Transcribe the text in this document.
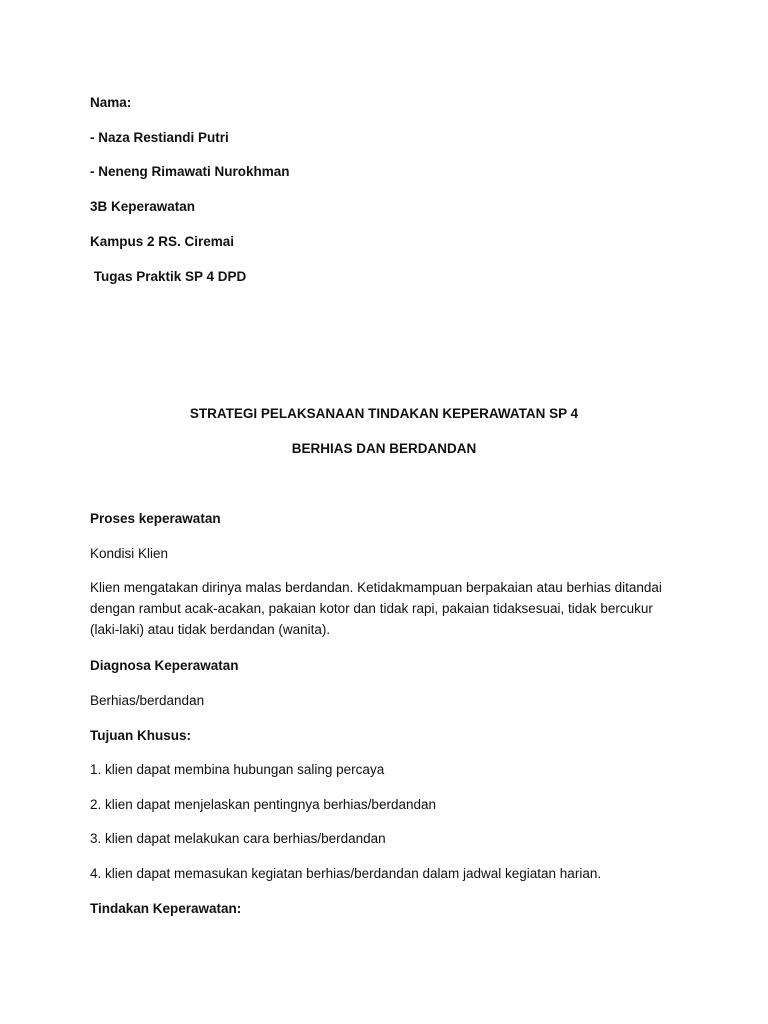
Nama:
- Naza Restiandi Putri
- Neneng Rimawati Nurokhman
3B Keperawatan
Kampus 2 RS. Ciremai
Tugas Praktik SP 4 DPD
STRATEGI PELAKSANAAN TINDAKAN KEPERAWATAN SP 4
BERHIAS DAN BERDANDAN
Proses keperawatan
Kondisi Klien
Klien mengatakan dirinya malas berdandan. Ketidakmampuan berpakaian atau berhias ditandai
dengan rambut acak-acakan, pakaian kotor dan tidak rapi, pakaian tidaksesuai, tidak bercukur
(laki-laki) atau tidak berdandan (wanita).
Diagnosa Keperawatan
Berhias/berdandan
Tujuan Khusus:
1. klien dapat membina hubungan saling percaya
2. klien dapat menjelaskan pentingnya berhias/berdandan
3. klien dapat melakukan cara berhias/berdandan
4. klien dapat memasukan kegiatan berhias/berdandan dalam jadwal kegiatan harian.
Tindakan Keperawatan:
